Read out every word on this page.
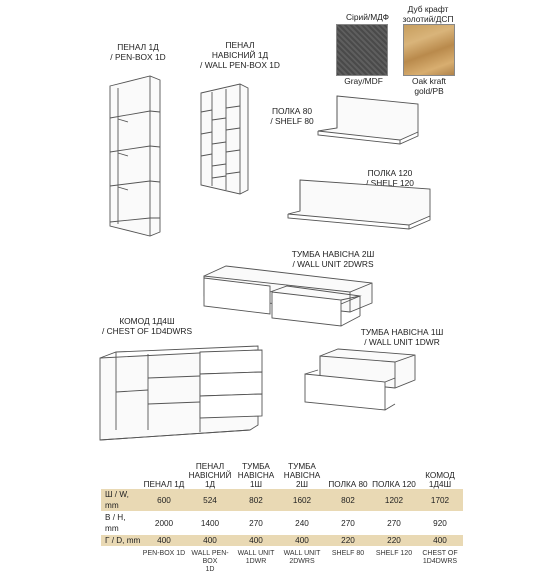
Сірий/МДФ
Gray/MDF
Дуб крафт
золотий/ДСП
Oak kraft
gold/PB
ПЕНАЛ 1Д
/ PEN-BOX 1D
ПЕНАЛ
НАВІСНИЙ 1Д
/ WALL PEN-BOX 1D
ПОЛКА 80
/ SHELF 80
ПОЛКА 120
/ SHELF 120
ТУМБА НАВІСНА 2Ш
/ WALL UNIT 2DWRS
КОМОД 1Д4Ш
/ CHEST OF 1D4DWRS	ТУМБА НАВІСНА 1Ш
/ WALL UNIT 1DWR
	ПЕНАЛ 1Д	ПЕНАЛ
НАВІСНИЙ 1Д	ТУМБА
НАВІСНА 1Ш	ТУМБА
НАВІСНА 2Ш	ПОЛКА 80	ПОЛКА 120	КОМОД
1Д4Ш
Ш / W, mm	600	524	802	1602	802	1202	1702
В / H, mm	2000	1400	270	240	270	270	920
Г / D, mm	400	400	400	400	220	220	400
	PEN-BOX 1D	WALL PEN-BOX
1D	WALL UNIT
1DWR	WALL UNIT
2DWRS	SHELF 80	SHELF 120	CHEST OF
1D4DWRS
